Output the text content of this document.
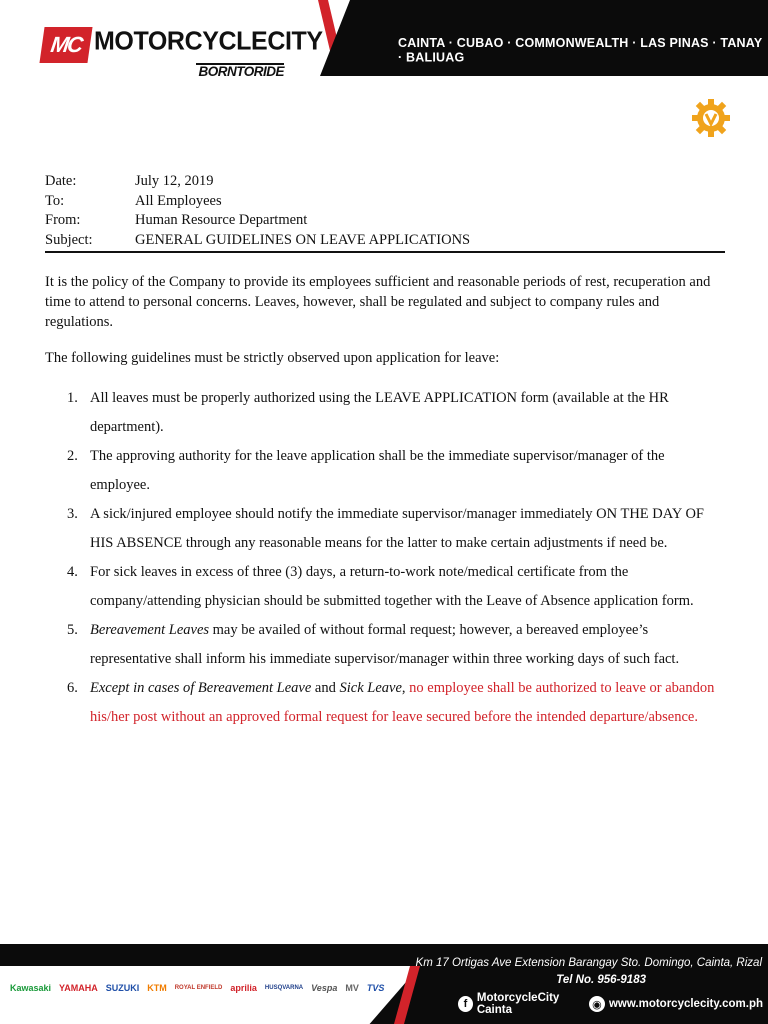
MC MOTORCYCLECITY
BORNTORIDE
CAINTA · CUBAO · COMMONWEALTH · LAS PINAS · TANAY · BALIUAG

Date:	July 12, 2019
To:	All Employees
From:	Human Resource Department
Subject:	GENERAL GUIDELINES ON LEAVE APPLICATIONS
It is the policy of the Company to provide its employees sufficient and reasonable periods of rest, recuperation and time to attend to personal concerns. Leaves, however, shall be regulated and subject to company rules and regulations.
The following guidelines must be strictly observed upon application for leave:
1. All leaves must be properly authorized using the LEAVE APPLICATION form (available at the HR department).
2. The approving authority for the leave application shall be the immediate supervisor/manager of the employee.
3. A sick/injured employee should notify the immediate supervisor/manager immediately ON THE DAY OF HIS ABSENCE through any reasonable means for the latter to make certain adjustments if need be.
4. For sick leaves in excess of three (3) days, a return-to-work note/medical certificate from the company/attending physician should be submitted together with the Leave of Absence application form.
5. Bereavement Leaves may be availed of without formal request; however, a bereaved employee’s representative shall inform his immediate supervisor/manager within three working days of such fact.
6. Except in cases of Bereavement Leave and Sick Leave, no employee shall be authorized to leave or abandon his/her post without an approved formal request for leave secured before the intended departure/absence.
Kawasaki YAMAHA SUZUKI KTM ROYAL ENFIELD aprilia HUSQVARNA Vespa MV TVS
Km 17 Ortigas Ave Extension Barangay Sto. Domingo, Cainta, Rizal
Tel No. 956-9183
f MotorcycleCity Cainta	◉ www.motorcyclecity.com.ph
